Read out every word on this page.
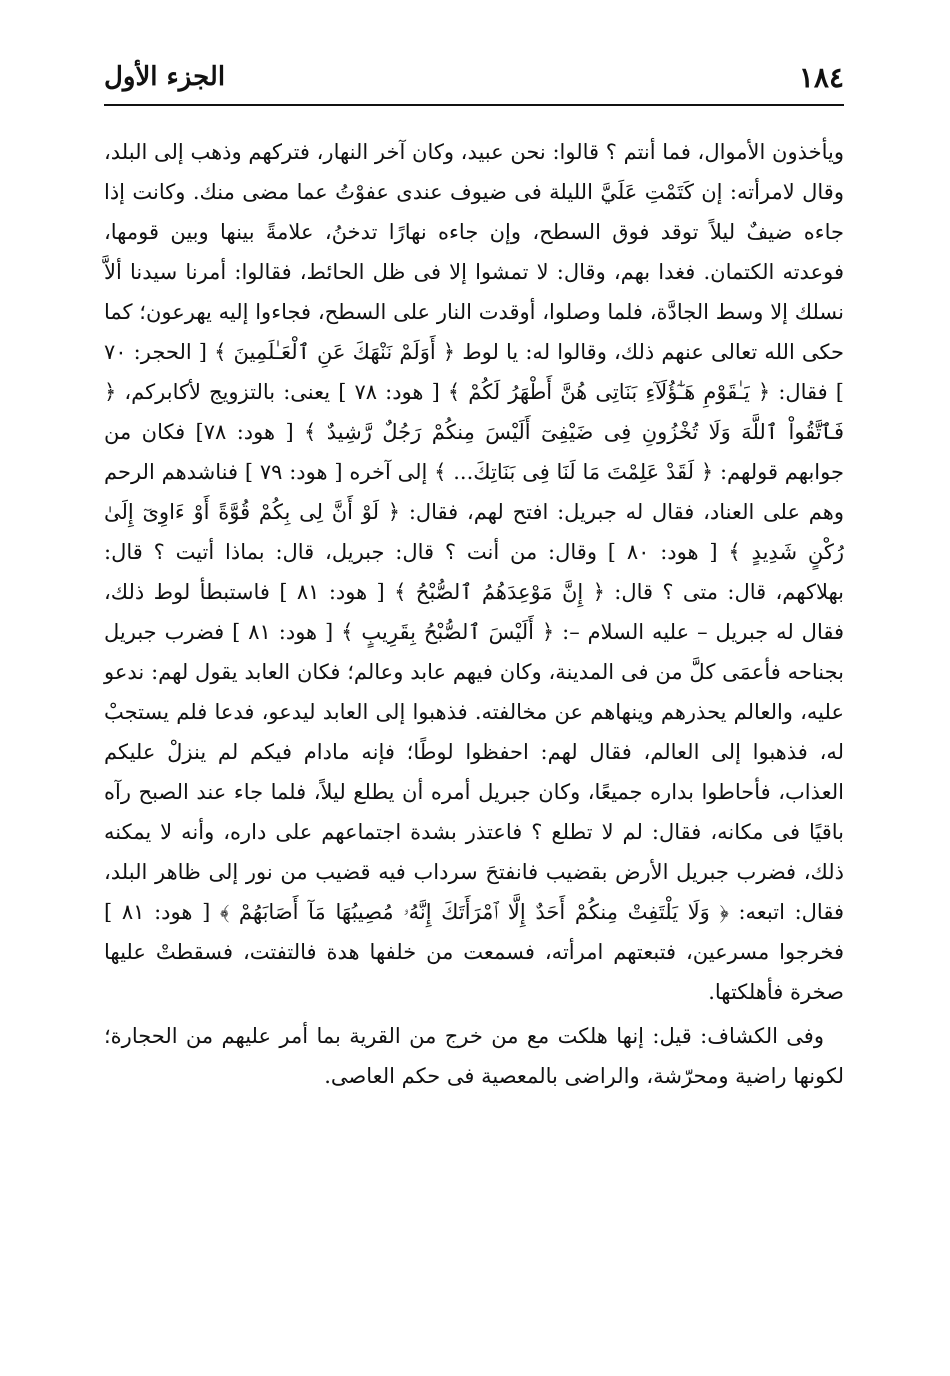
١٨٤
الجزء الأول

ويأخذون الأموال، فما أنتم ؟ قالوا: نحن عبيد، وكان آخر النهار، فتركهم وذهب إلى البلد، وقال لامرأته: إن كَتَمْتِ عَلَيَّ الليلة فى ضيوف عندى عفوْتُ عما مضى منك. وكانت إذا جاءه ضيفٌ ليلاً توقد فوق السطح، وإن جاءه نهارًا تدخنُ، علامةً بينها وبين قومها، فوعدته الكتمان. فغدا بهم، وقال: لا تمشوا إلا فى ظل الحائط، فقالوا: أمرنا سيدنا ألاَّ نسلك إلا وسط الجادَّة، فلما وصلوا، أوقدت النار على السطح، فجاءوا إليه يهرعون؛ كما حكى الله تعالى عنهم ذلك، وقالوا له: يا لوط ﴿ أَوَلَمْ نَنْهَكَ عَنِ ٱلْعَـٰلَمِينَ ﴾ [ الحجر: ٧٠ ] فقال: ﴿ يَـٰقَوْمِ هَـٰٓؤُلَآءِ بَنَاتِى هُنَّ أَطْهَرُ لَكُمْ ﴾ [ هود: ٧٨ ] يعنى: بالتزويج لأكابركم، ﴿ فَٱتَّقُواْ ٱللَّهَ وَلَا تُخْزُونِ فِى ضَيْفِىٓ أَلَيْسَ مِنكُمْ رَجُلٌ رَّشِيدٌ ﴾ [ هود: ٧٨] فكان من جوابهم قولهم: ﴿ لَقَدْ عَلِمْتَ مَا لَنَا فِى بَنَاتِكَ... ﴾ إلى آخره [ هود: ٧٩ ] فناشدهم الرحم وهم على العناد، فقال له جبريل: افتح لهم، فقال: ﴿ لَوْ أَنَّ لِى بِكُمْ قُوَّةً أَوْ ءَاوِىٓ إِلَىٰ رُكْنٍ شَدِيدٍ ﴾ [ هود: ٨٠ ] وقال: من أنت ؟ قال: جبريل، قال: بماذا أتيت ؟ قال: بهلاكهم، قال: متى ؟ قال: ﴿ إِنَّ مَوْعِدَهُمُ ٱلصُّبْحُ ﴾ [ هود: ٨١ ] فاستبطأ لوط ذلك، فقال له جبريل – عليه السلام –: ﴿ أَلَيْسَ ٱلصُّبْحُ بِقَرِيبٍ ﴾ [ هود: ٨١ ] فضرب جبريل بجناحه فأعمَى كلَّ من فى المدينة، وكان فيهم عابد وعالم؛ فكان العابد يقول لهم: ندعو عليه، والعالم يحذرهم وينهاهم عن مخالفته. فذهبوا إلى العابد ليدعو، فدعا فلم يستجبْ له، فذهبوا إلى العالم، فقال لهم: احفظوا لوطًا؛ فإنه مادام فيكم لم ينزلْ عليكم العذاب، فأحاطوا بداره جميعًا، وكان جبريل أمره أن يطلع ليلاً، فلما جاء عند الصبح رآه باقيًا فى مكانه، فقال: لم لا تطلع ؟ فاعتذر بشدة اجتماعهم على داره، وأنه لا يمكنه ذلك، فضرب جبريل الأرض بقضيب فانفتحَ سرداب فيه قضيب من نور إلى ظاهر البلد، فقال: اتبعه: ﴿ وَلَا يَلْتَفِتْ مِنكُمْ أَحَدٌ إِلَّا ٱمْرَأَتَكَ إِنَّهُۥ مُصِيبُهَا مَآ أَصَابَهُمْ ﴾ [ هود: ٨١ ] فخرجوا مسرعين، فتبعتهم امرأته، فسمعت من خلفها هدة فالتفتت، فسقطتْ عليها صخرة فأهلكتها.

وفى الكشاف: قيل: إنها هلكت مع من خرج من القرية بما أمر عليهم من الحجارة؛ لكونها راضية ومحرّشة، والراضى بالمعصية فى حكم العاصى.
